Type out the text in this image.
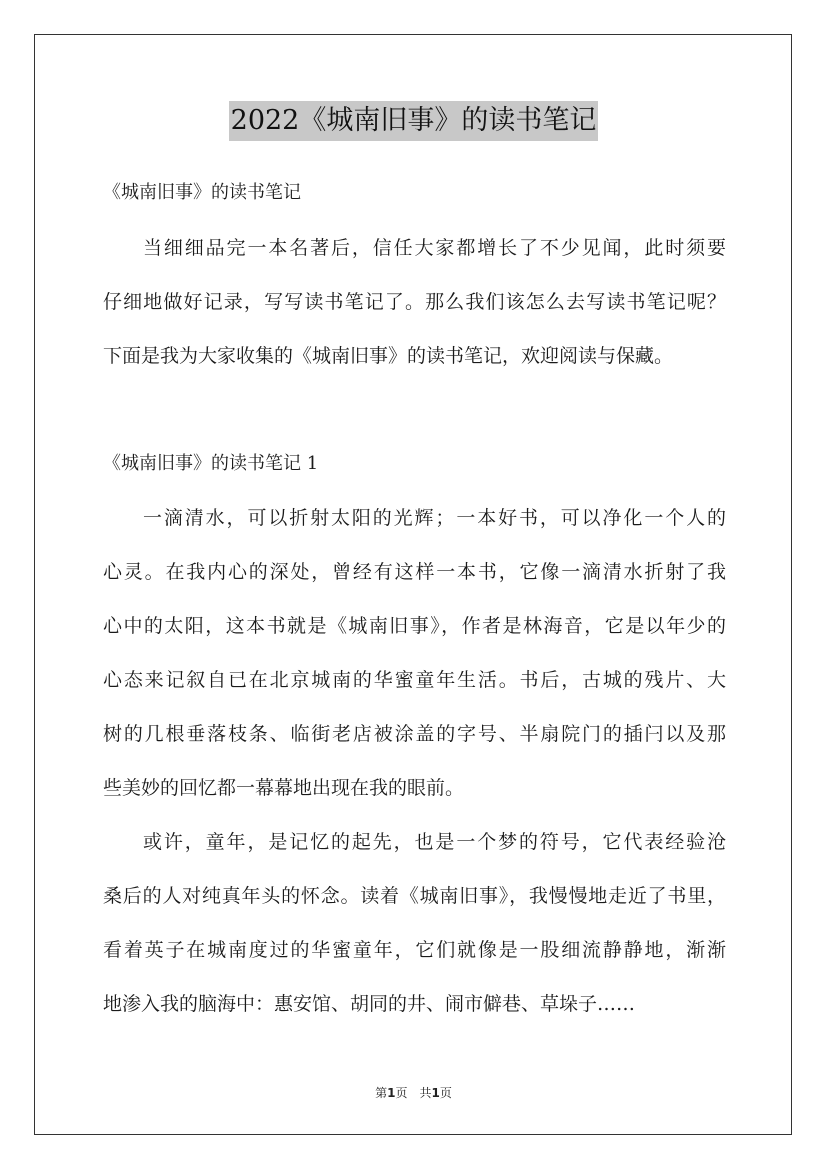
2022《城南旧事》的读书笔记
《城南旧事》的读书笔记
当细细品完一本名著后，信任大家都增长了不少见闻，此时须要
仔细地做好记录，写写读书笔记了。那么我们该怎么去写读书笔记呢？
下面是我为大家收集的《城南旧事》的读书笔记，欢迎阅读与保藏。
《城南旧事》的读书笔记 1
一滴清水，可以折射太阳的光辉；一本好书，可以净化一个人的
心灵。在我内心的深处，曾经有这样一本书，它像一滴清水折射了我
心中的太阳，这本书就是《城南旧事》，作者是林海音，它是以年少的
心态来记叙自已在北京城南的华蜜童年生活。书后，古城的残片、大
树的几根垂落枝条、临街老店被涂盖的字号、半扇院门的插闩以及那
些美妙的回忆都一幕幕地出现在我的眼前。
或许，童年，是记忆的起先，也是一个梦的符号，它代表经验沧
桑后的人对纯真年头的怀念。读着《城南旧事》，我慢慢地走近了书里，
看着英子在城南度过的华蜜童年，它们就像是一股细流静静地，渐渐
地渗入我的脑海中：惠安馆、胡同的井、闹市僻巷、草垛子……
第1页　共1页
